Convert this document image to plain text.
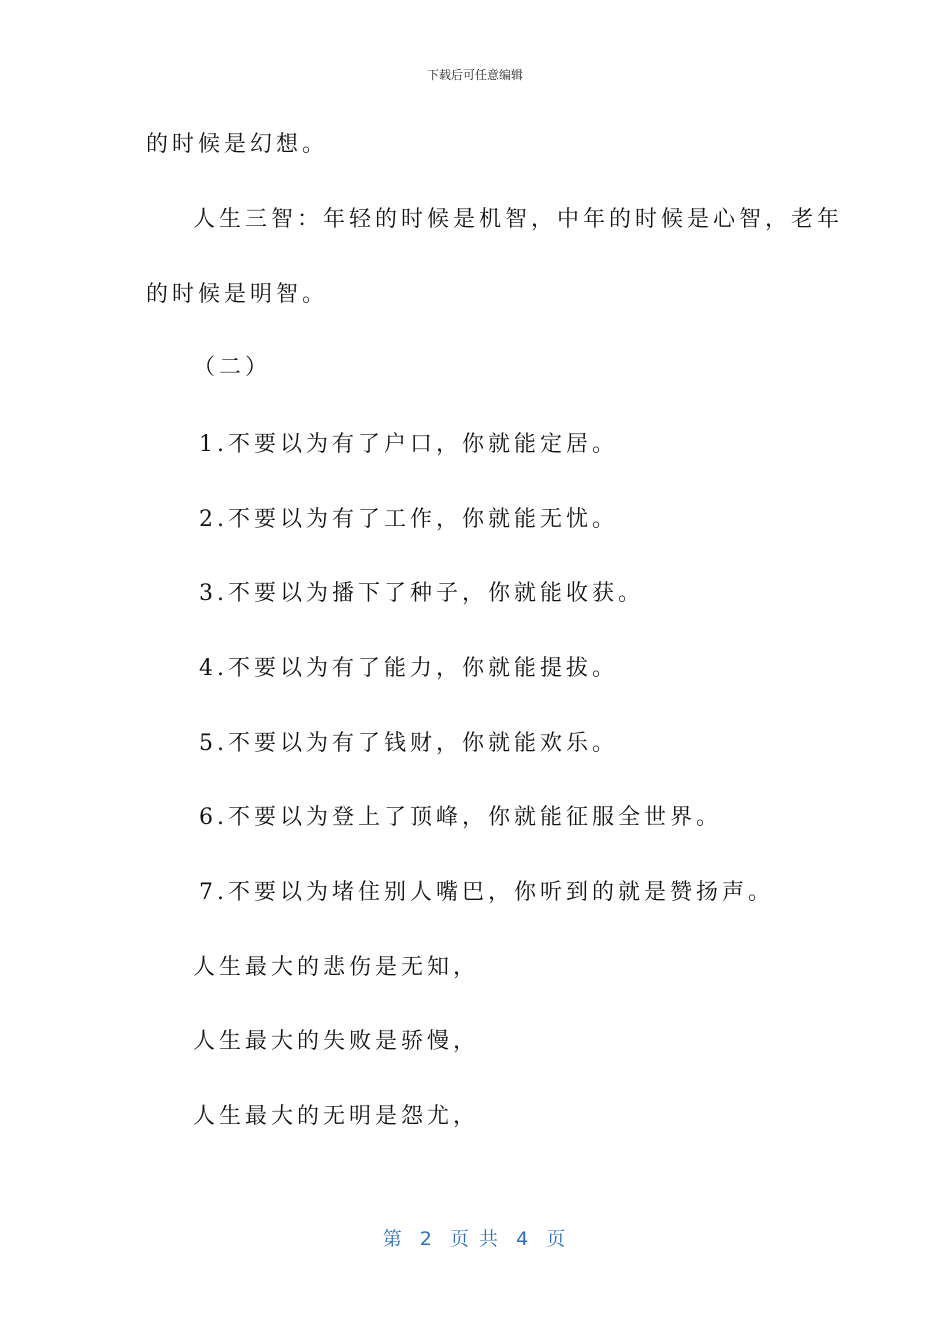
下载后可任意编辑
的时候是幻想。
人生三智：年轻的时候是机智，中年的时候是心智，老年
的时候是明智。
（二）
1.不要以为有了户口，你就能定居。
2.不要以为有了工作，你就能无忧。
3.不要以为播下了种子，你就能收获。
4.不要以为有了能力，你就能提拔。
5.不要以为有了钱财，你就能欢乐。
6.不要以为登上了顶峰，你就能征服全世界。
7.不要以为堵住别人嘴巴，你听到的就是赞扬声。
人生最大的悲伤是无知，
人生最大的失败是骄慢，
人生最大的无明是怨尤，
第  2  页 共  4  页
